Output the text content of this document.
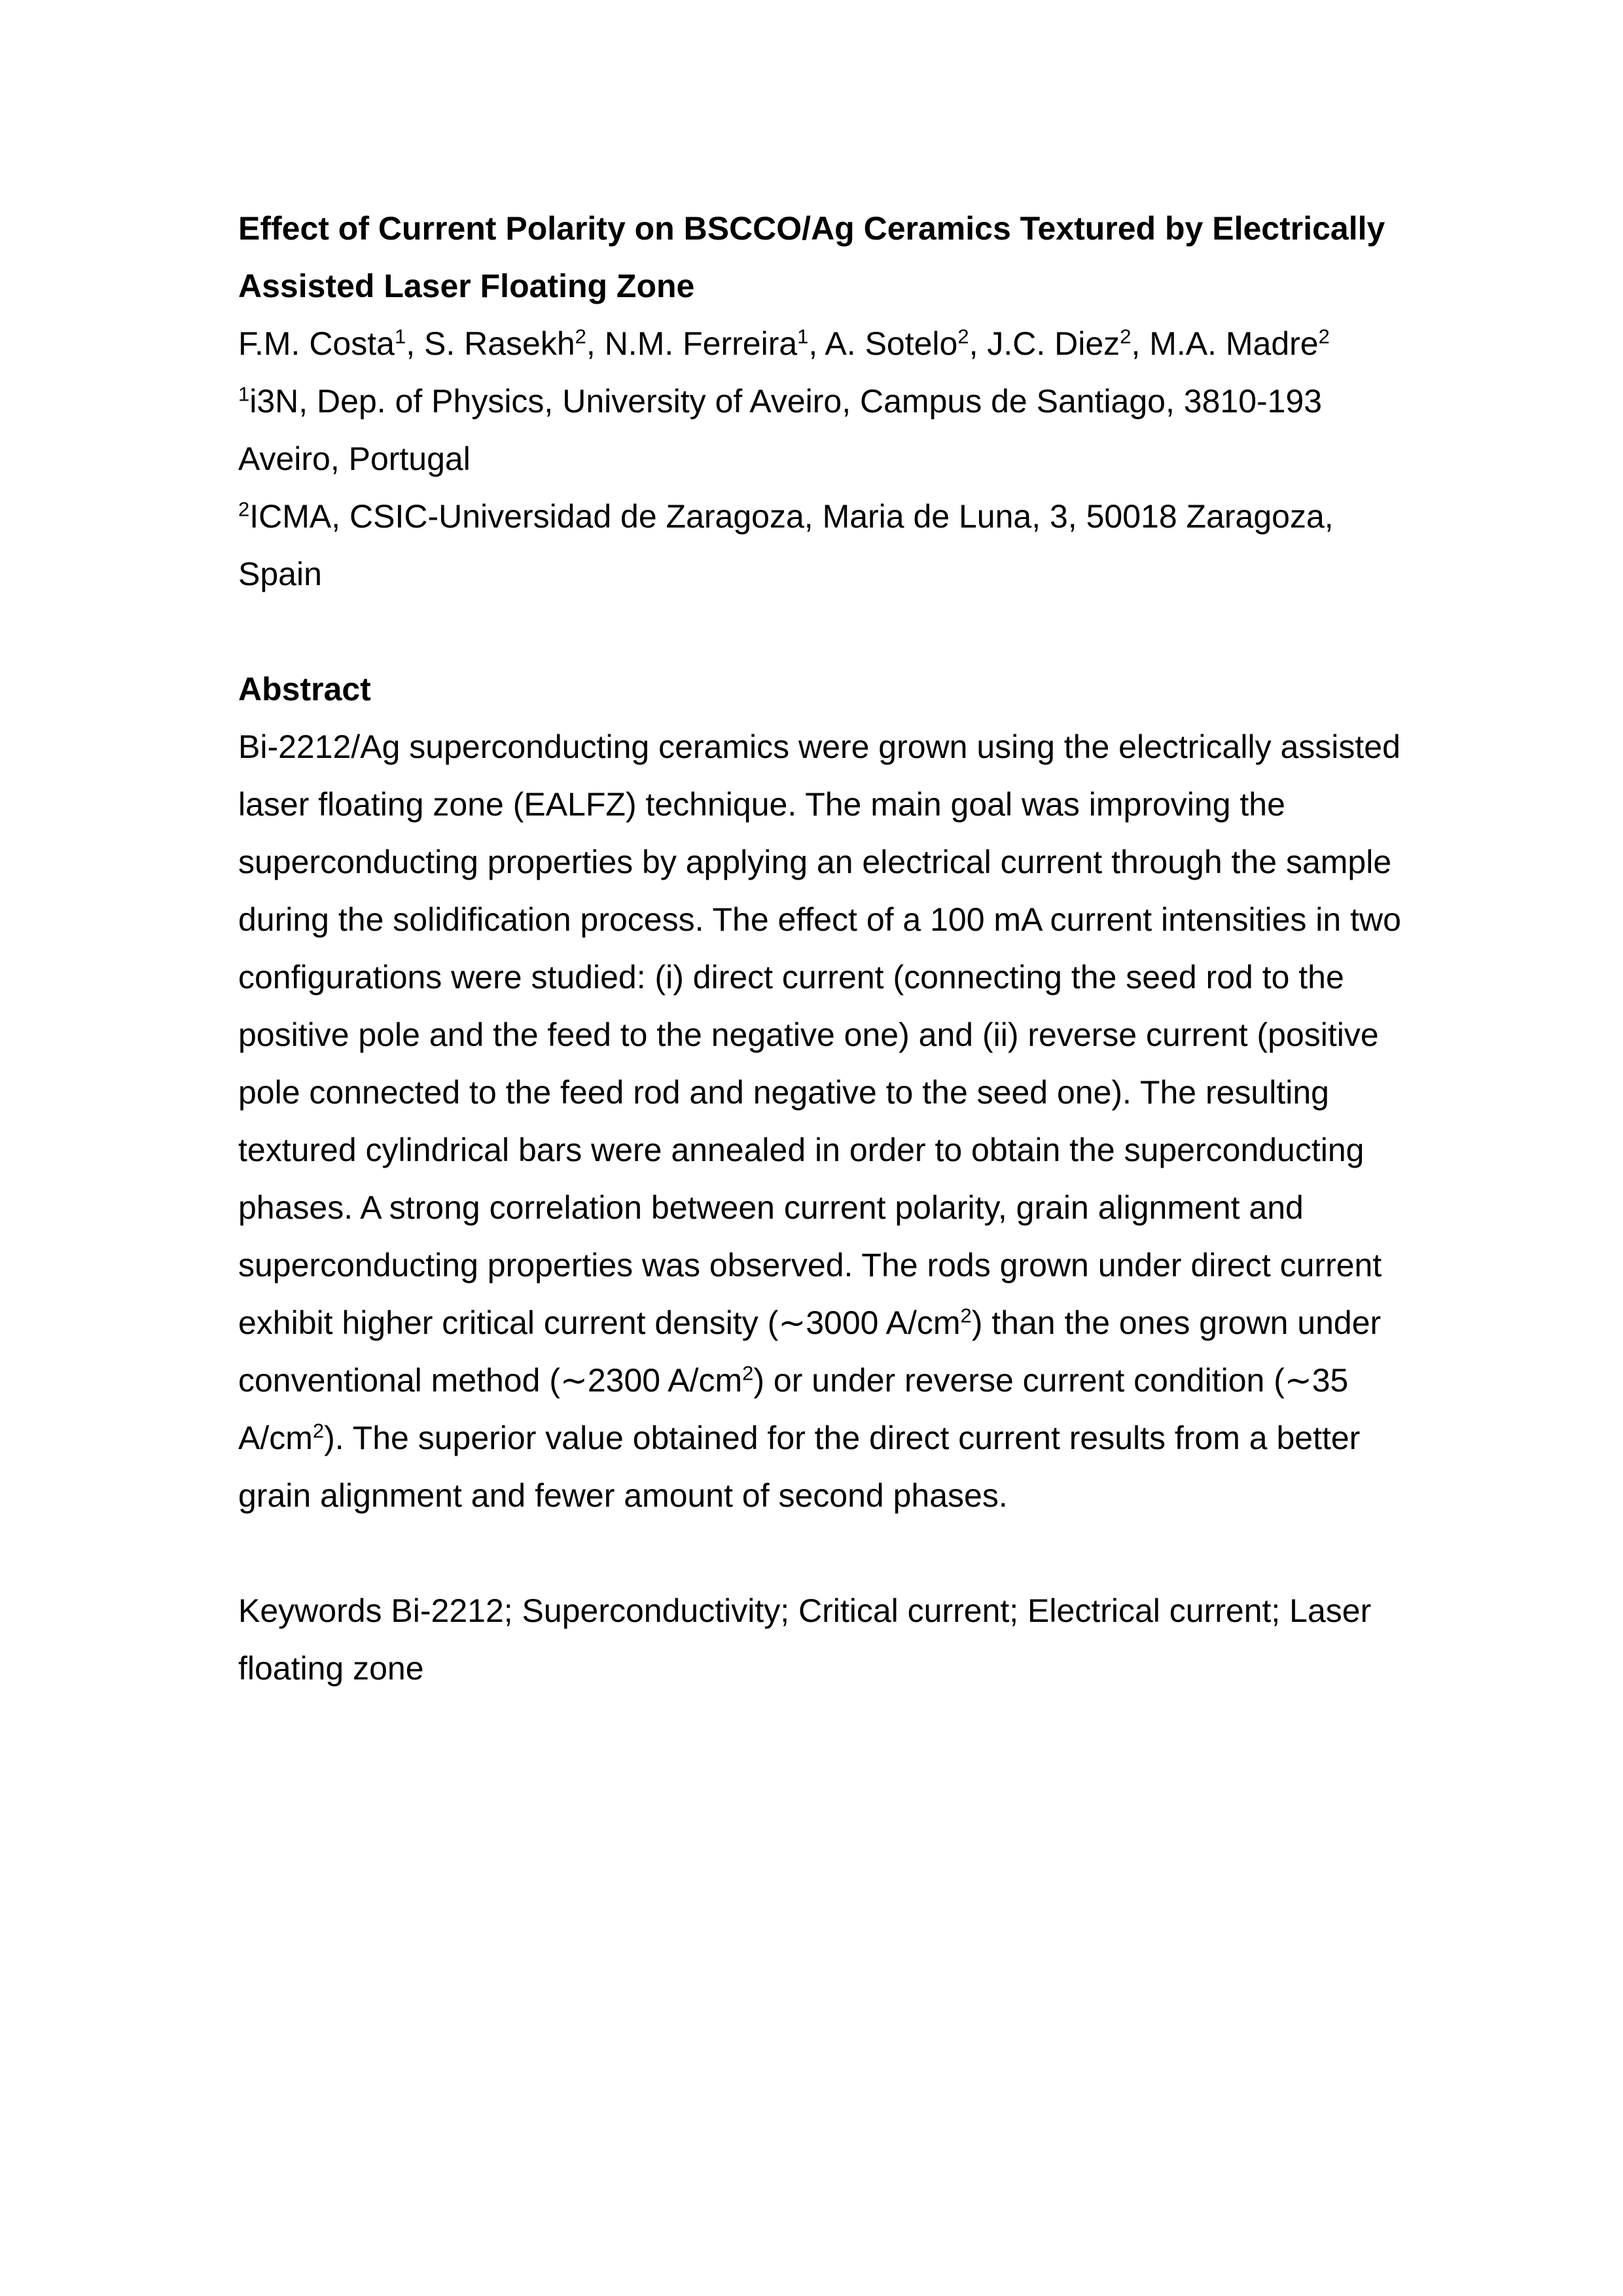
Effect of Current Polarity on BSCCO/Ag Ceramics Textured by Electrically
Assisted Laser Floating Zone

F.M. Costa$^1$, S. Rasekh$^2$, N.M. Ferreira$^1$, A. Sotelo$^2$, J.C. Diez$^2$, M.A. Madre$^2$

$^1$i3N, Dep. of Physics, University of Aveiro, Campus de Santiago, 3810-193 Aveiro, Portugal

$^2$ICMA, CSIC-Universidad de Zaragoza, Maria de Luna, 3, 50018 Zaragoza, Spain

Abstract

Bi-2212/Ag superconducting ceramics were grown using the electrically assisted laser floating zone (EALFZ) technique. The main goal was improving the superconducting properties by applying an electrical current through the sample during the solidification process. The effect of a 100 mA current intensities in two configurations were studied: (i) direct current (connecting the seed rod to the positive pole and the feed to the negative one) and (ii) reverse current (positive pole connected to the feed rod and negative to the seed one). The resulting textured cylindrical bars were annealed in order to obtain the superconducting phases. A strong correlation between current polarity, grain alignment and superconducting properties was observed. The rods grown under direct current exhibit higher critical current density (∼3000 $A/cm^2$) than the ones grown under conventional method (∼2300 $A/cm^2$) or under reverse current condition (∼35 $A/cm^2$). The superior value obtained for the direct current results from a better grain alignment and fewer amount of second phases.

Keywords Bi-2212; Superconductivity; Critical current; Electrical current; Laser floating zone
